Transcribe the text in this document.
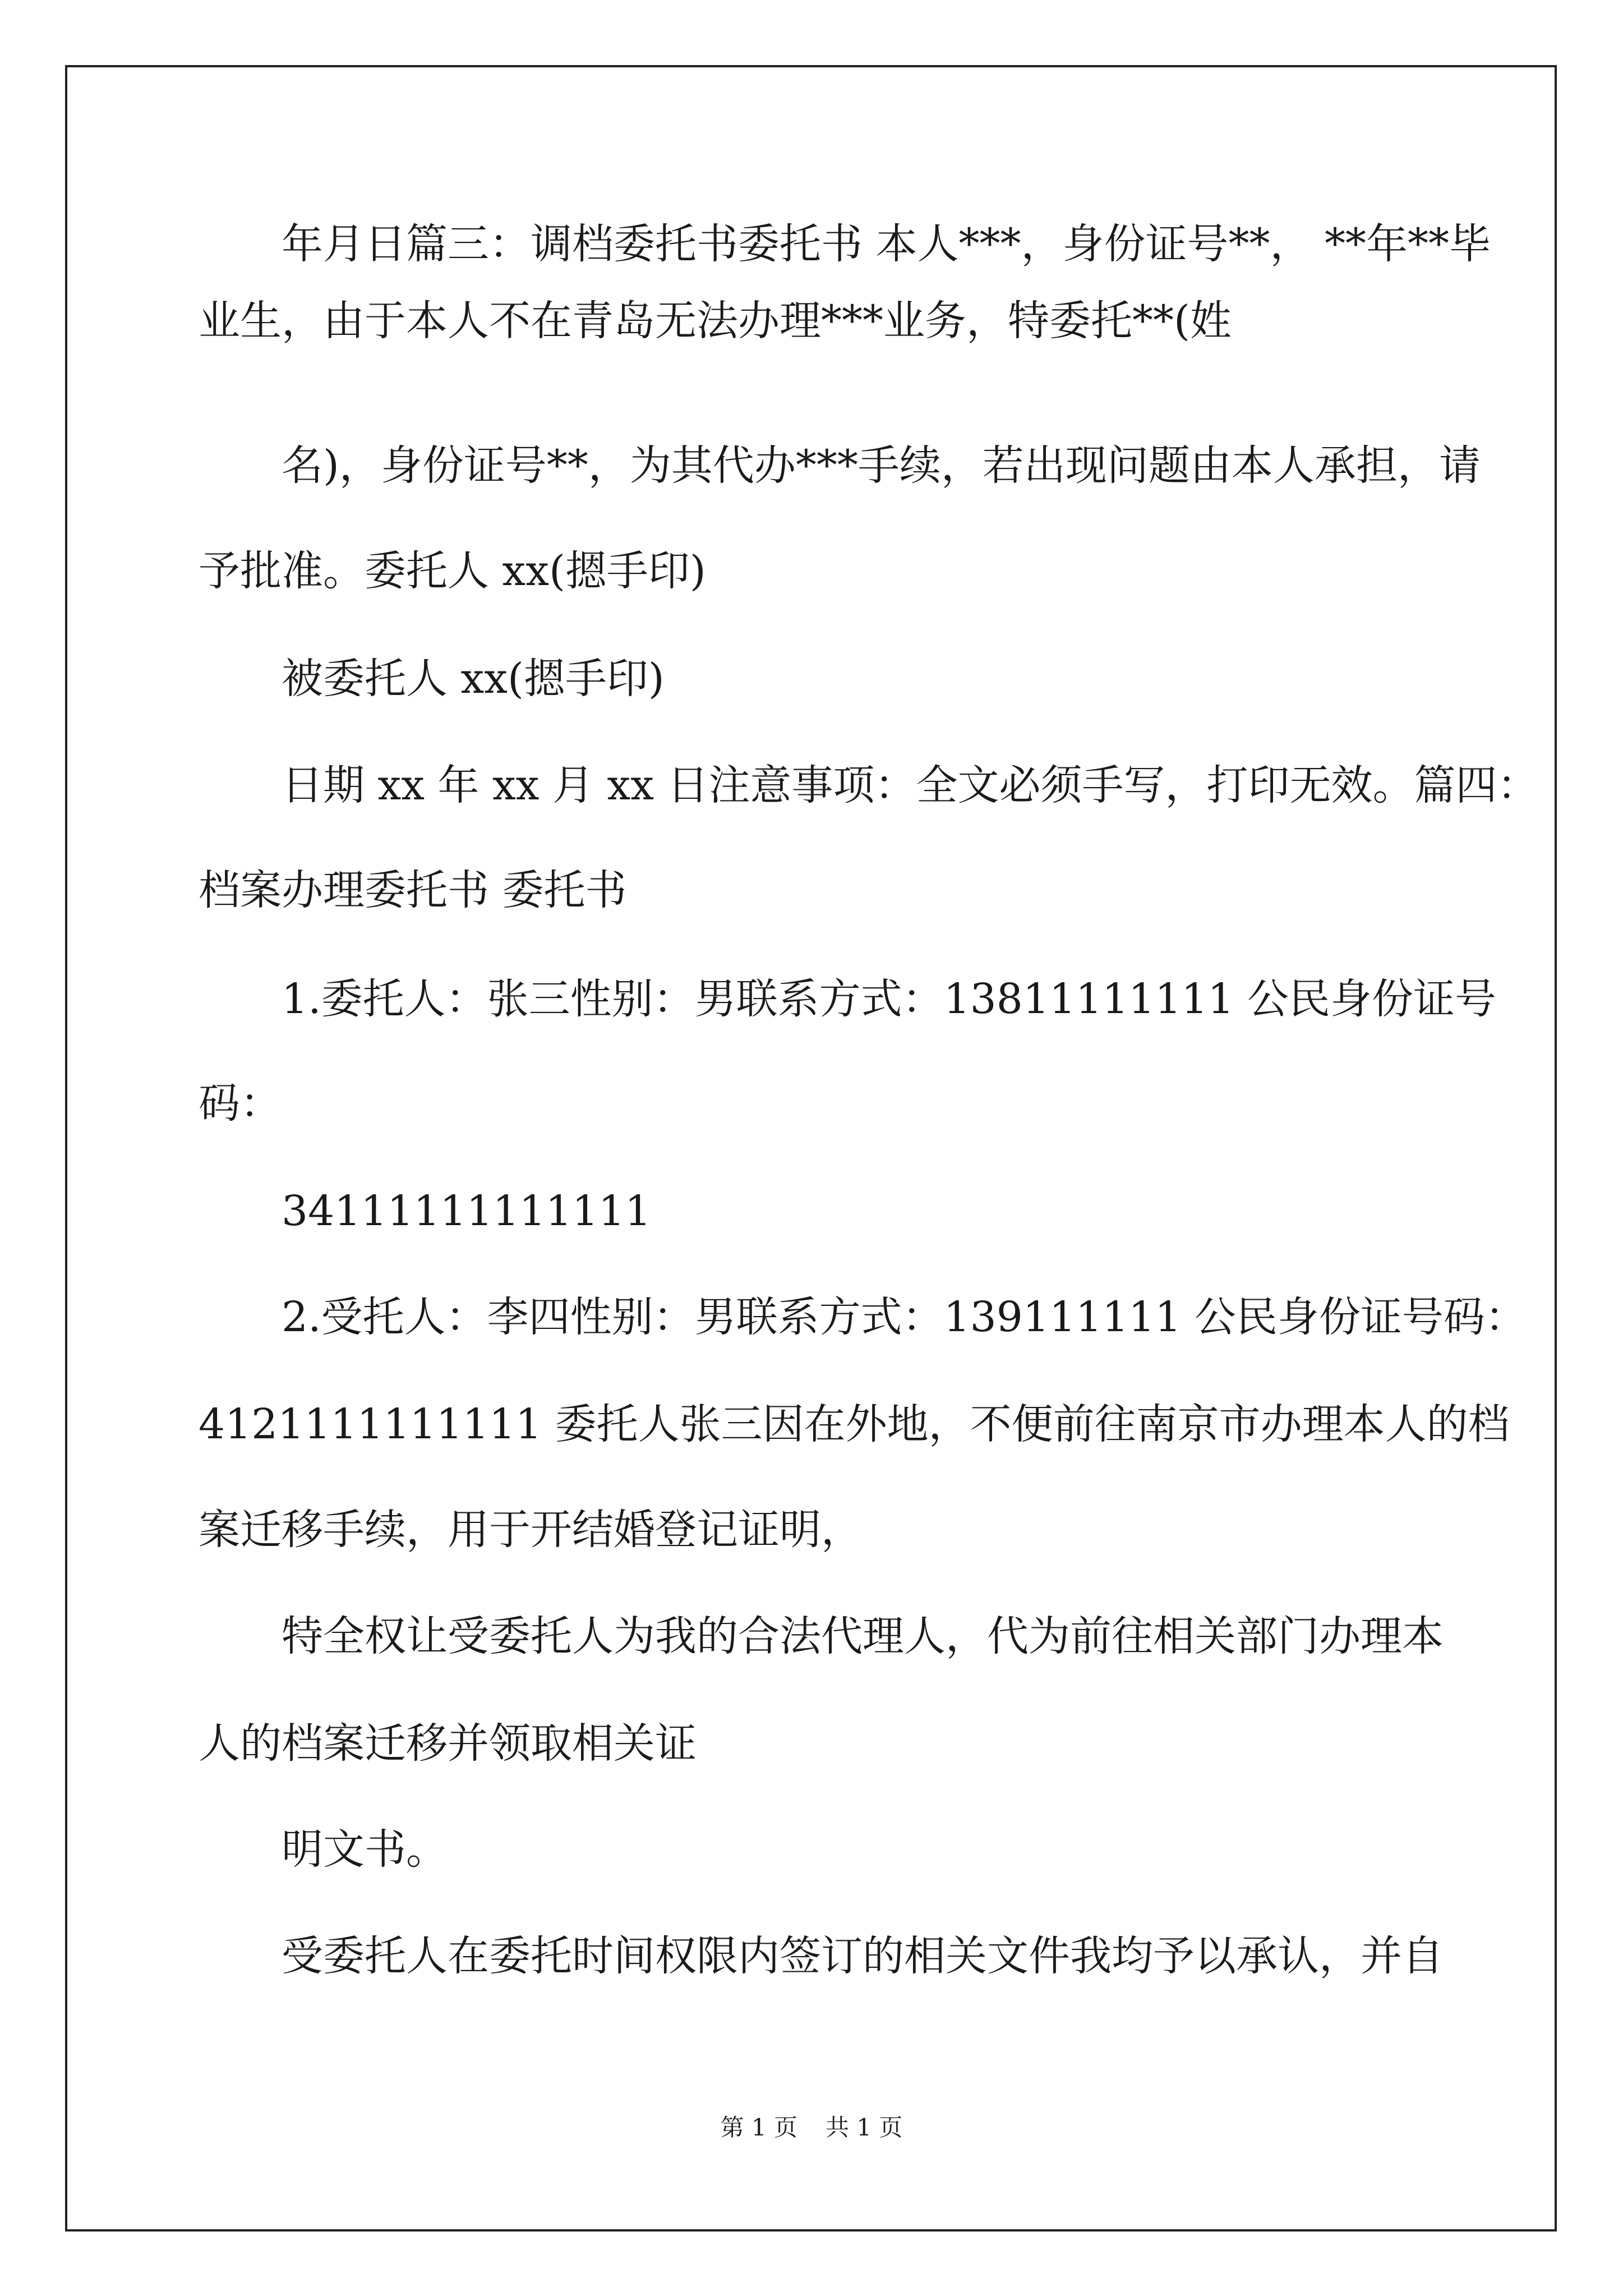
年月日篇三：调档委托书委托书 本人***，身份证号**， **年**毕
业生，由于本人不在青岛无法办理***业务，特委托**(姓
名)，身份证号**，为其代办***手续，若出现问题由本人承担，请
予批准。委托人 xx(摁手印)
被委托人 xx(摁手印)
日期 xx 年 xx 月 xx 日注意事项：全文必须手写，打印无效。篇四：
档案办理委托书 委托书
1.委托人：张三性别：男联系方式：13811111111 公民身份证号
码：
34111111111111
2.受托人：李四性别：男联系方式：139111111 公民身份证号码：
4121111111111 委托人张三因在外地，不便前往南京市办理本人的档
案迁移手续，用于开结婚登记证明，
特全权让受委托人为我的合法代理人，代为前往相关部门办理本
人的档案迁移并领取相关证
明文书。
受委托人在委托时间权限内签订的相关文件我均予以承认，并自
第 1 页 共 1 页
